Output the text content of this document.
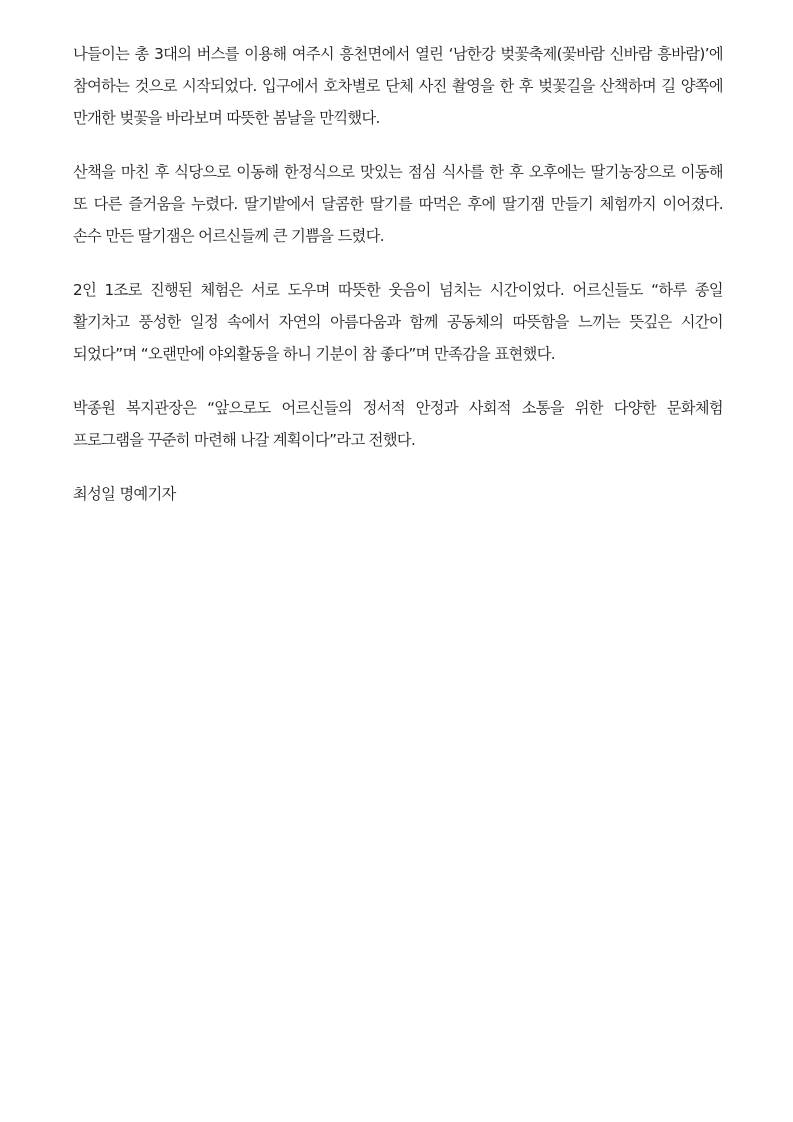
나들이는 총 3대의 버스를 이용해 여주시 흥천면에서 열린 ‘남한강 벚꽃축제(꽃바람 신바람 흥바람)’에 참여하는 것으로 시작되었다. 입구에서 호차별로 단체 사진 촬영을 한 후 벚꽃길을 산책하며 길 양쪽에 만개한 벚꽃을 바라보며 따뜻한 봄날을 만끽했다.

산책을 마친 후 식당으로 이동해 한정식으로 맛있는 점심 식사를 한 후 오후에는 딸기농장으로 이동해 또 다른 즐거움을 누렸다. 딸기밭에서 달콤한 딸기를 따먹은 후에 딸기잼 만들기 체험까지 이어졌다. 손수 만든 딸기잼은 어르신들께 큰 기쁨을 드렸다.

2인 1조로 진행된 체험은 서로 도우며 따뜻한 웃음이 넘치는 시간이었다. 어르신들도 “하루 종일 활기차고 풍성한 일정 속에서 자연의 아름다움과 함께 공동체의 따뜻함을 느끼는 뜻깊은 시간이 되었다”며 “오랜만에 야외활동을 하니 기분이 참 좋다”며 만족감을 표현했다.

박종원 복지관장은 “앞으로도 어르신들의 정서적 안정과 사회적 소통을 위한 다양한 문화체험 프로그램을 꾸준히 마련해 나갈 계획이다”라고 전했다.

최성일 명예기자
